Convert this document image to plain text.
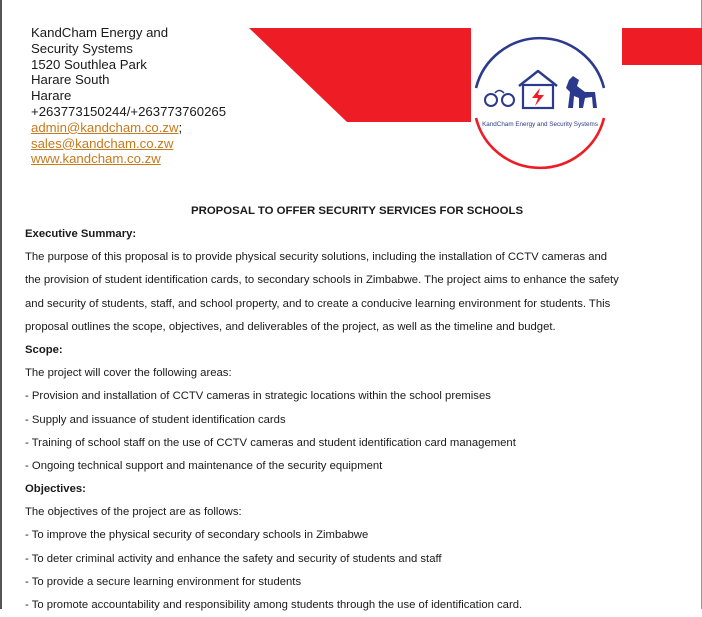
KandCham Energy and
Security Systems
1520 Southlea Park
Harare South
Harare
+263773150244/+263773760265
admin@kandcham.co.zw;
sales@kandcham.co.zw
www.kandcham.co.zw
KandCham Energy and Security Systems
PROPOSAL TO OFFER SECURITY SERVICES FOR SCHOOLS
Executive Summary:
The purpose of this proposal is to provide physical security solutions, including the installation of CCTV cameras and
the provision of student identification cards, to secondary schools in Zimbabwe. The project aims to enhance the safety
and security of students, staff, and school property, and to create a conducive learning environment for students. This
proposal outlines the scope, objectives, and deliverables of the project, as well as the timeline and budget.
Scope:
The project will cover the following areas:
- Provision and installation of CCTV cameras in strategic locations within the school premises
- Supply and issuance of student identification cards
- Training of school staff on the use of CCTV cameras and student identification card management
- Ongoing technical support and maintenance of the security equipment
Objectives:
The objectives of the project are as follows:
- To improve the physical security of secondary schools in Zimbabwe
- To deter criminal activity and enhance the safety and security of students and staff
- To provide a secure learning environment for students
- To promote accountability and responsibility among students through the use of identification card.
